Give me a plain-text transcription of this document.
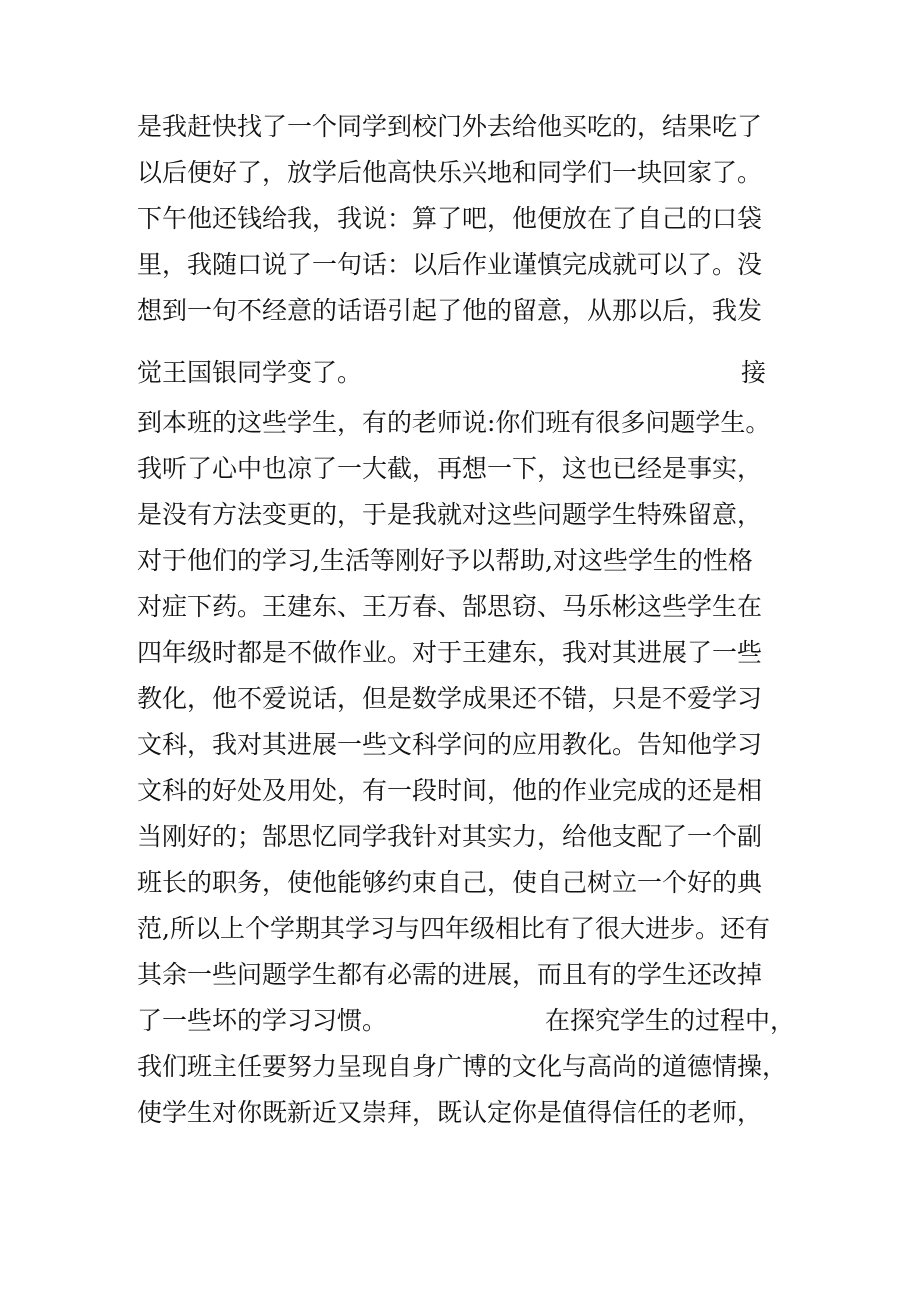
是我赶快找了一个同学到校门外去给他买吃的，结果吃了
以后便好了，放学后他高快乐兴地和同学们一块回家了。
下午他还钱给我，我说：算了吧，他便放在了自己的口袋
里，我随口说了一句话：以后作业谨慎完成就可以了。没
想到一句不经意的话语引起了他的留意，从那以后，我发
觉王国银同学变了。	接
到本班的这些学生，有的老师说:你们班有很多问题学生。
我听了心中也凉了一大截，再想一下，这也已经是事实，
是没有方法变更的，于是我就对这些问题学生特殊留意，
对于他们的学习,生活等刚好予以帮助,对这些学生的性格
对症下药。王建东、王万春、郜思窃、马乐彬这些学生在
四年级时都是不做作业。对于王建东，我对其进展了一些
教化，他不爱说话，但是数学成果还不错，只是不爱学习
文科，我对其进展一些文科学问的应用教化。告知他学习
文科的好处及用处，有一段时间，他的作业完成的还是相
当刚好的；郜思忆同学我针对其实力，给他支配了一个副
班长的职务，使他能够约束自己，使自己树立一个好的典
范,所以上个学期其学习与四年级相比有了很大进步。还有
其余一些问题学生都有必需的进展，而且有的学生还改掉
了一些坏的学习习惯。	在探究学生的过程中，
我们班主任要努力呈现自身广博的文化与高尚的道德情操，
使学生对你既新近又崇拜，既认定你是值得信任的老师，
